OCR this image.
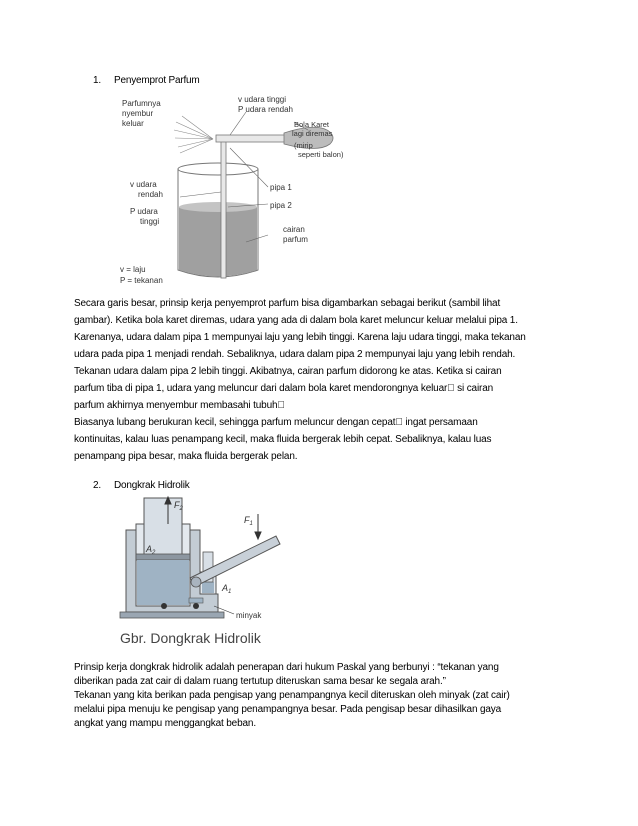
1. Penyemprot Parfum
Parfumnya
nyembur
keluar
v udara tinggi
P udara rendah
Bola Karet
lagi diremas
(mirip
seperti balon)
v udara
rendah
P udara
tinggi
pipa 1
pipa 2
cairan
parfum
v = laju
P = tekanan
Secara garis besar, prinsip kerja penyemprot parfum bisa digambarkan sebagai berikut (sambil lihat
gambar). Ketika bola karet diremas, udara yang ada di dalam bola karet meluncur keluar melalui pipa 1.
Karenanya, udara dalam pipa 1 mempunyai laju yang lebih tinggi. Karena laju udara tinggi, maka tekanan
udara pada pipa 1 menjadi rendah. Sebaliknya, udara dalam pipa 2 mempunyai laju yang lebih rendah.
Tekanan udara dalam pipa 2 lebih tinggi. Akibatnya, cairan parfum didorong ke atas. Ketika si cairan
parfum tiba di pipa 1, udara yang meluncur dari dalam bola karet mendorongnya keluar  si cairan
parfum akhirnya menyembur membasahi tubuh 
Biasanya lubang berukuran kecil, sehingga parfum meluncur dengan cepat  ingat persamaan
kontinuitas, kalau luas penampang kecil, maka fluida bergerak lebih cepat. Sebaliknya, kalau luas
penampang pipa besar, maka fluida bergerak pelan.
2. Dongkrak Hidrolik
$F_2$
$F_1$
$A_2$
$A_1$
minyak
Gbr. Dongkrak Hidrolik
Prinsip kerja dongkrak hidrolik adalah penerapan dari hukum Paskal yang berbunyi : “tekanan yang
diberikan pada zat cair di dalam ruang tertutup diteruskan sama besar ke segala arah.”
Tekanan yang kita berikan pada pengisap yang penampangnya kecil diteruskan oleh minyak (zat cair)
melalui pipa menuju ke pengisap yang penampangnya besar. Pada pengisap besar dihasilkan gaya
angkat yang mampu menggangkat beban.
